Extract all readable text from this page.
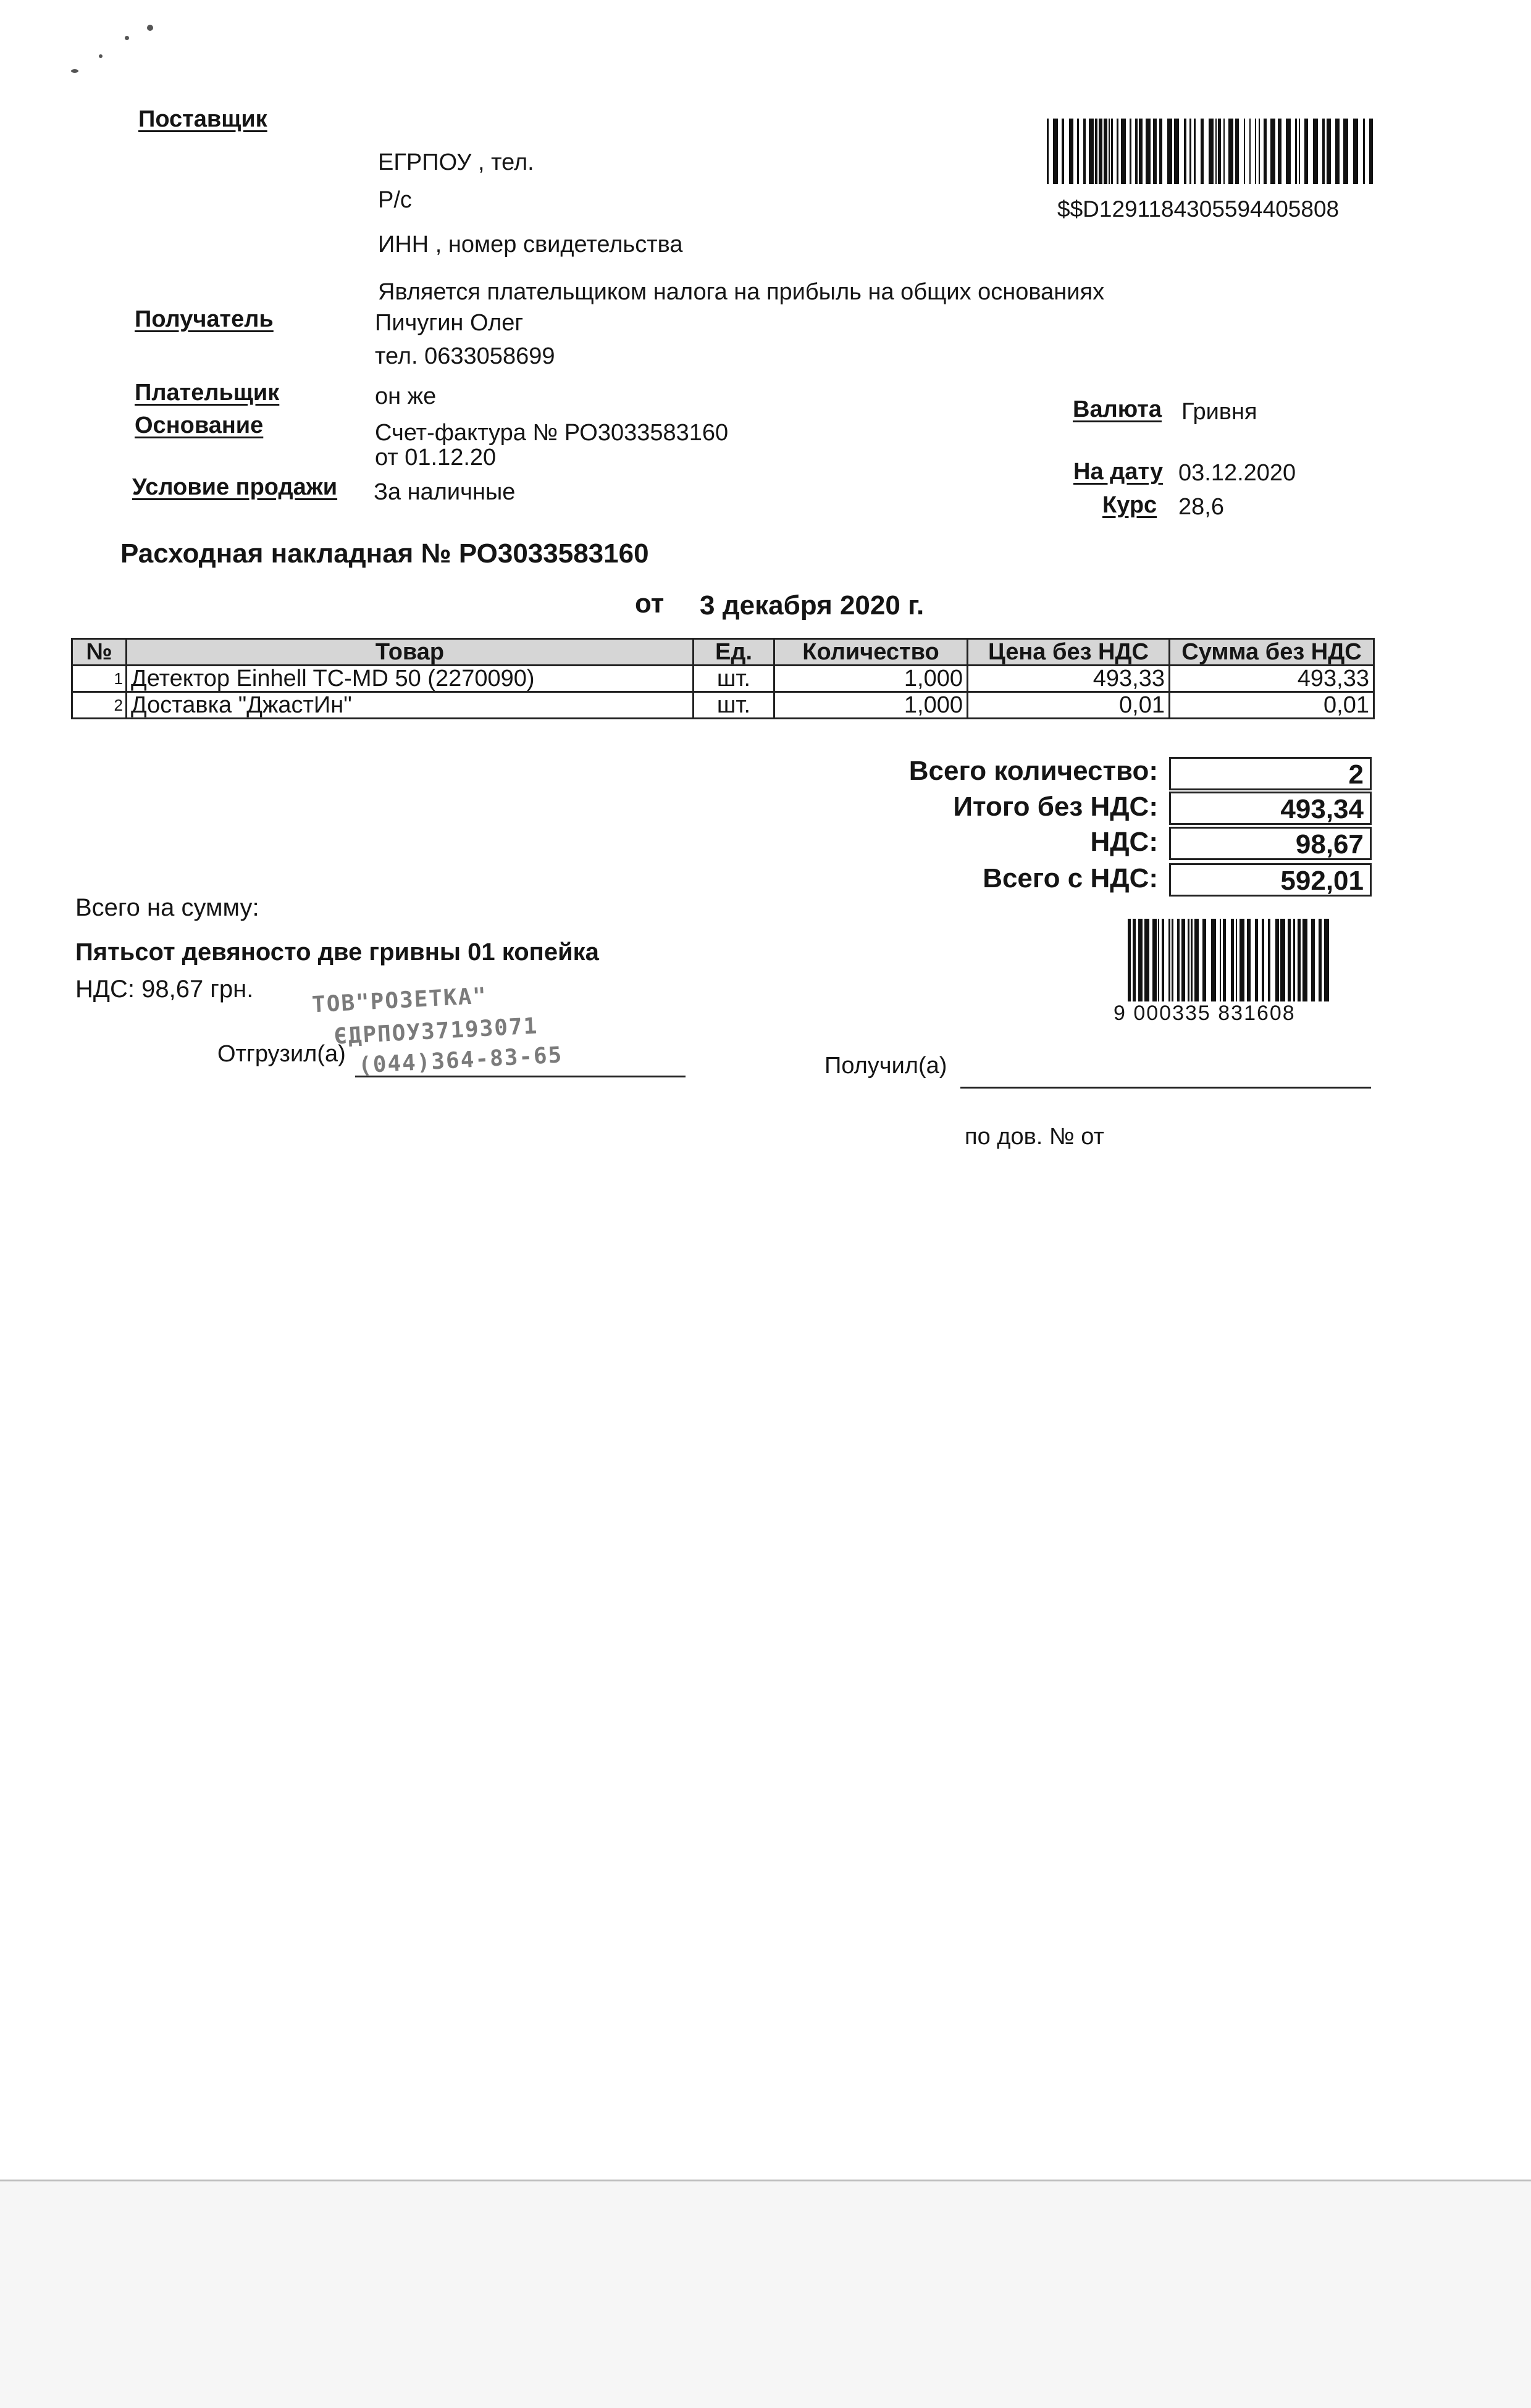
Поставщик
ЕГРПОУ , тел.
Р/с
ИНН , номер свидетельства
Является плательщиком налога на прибыль на общих основаниях
$$D1291184305594405808
Получатель	Пичугин Олег
тел. 0633058699
Плательщик	он же
Основание	Счет-фактура № РО3033583160
от 01.12.20
Условие продажи За наличные
Валюта Гривня
На дату 03.12.2020
Курс 28,6
Расходная накладная № РО3033583160
от 3 декабря 2020 г.
№	Товар	Ед.	Количество	Цена без НДС	Сумма без НДС
1	Детектор Einhell TC-MD 50 (2270090)	шт.	1,000	493,33	493,33
2	Доставка "ДжастИн"	шт.	1,000	0,01	0,01
Всего количество:	2
Итого без НДС:	493,34
НДС:	98,67
Всего с НДС:	592,01
Всего на сумму:
Пятьсот девяносто две гривны 01 копейка
НДС: 98,67 грн.
9 000335 831608
ТОВ"РОЗЕТКА"
ЄДРПОУ37193071
(044)364-83-65
Отгрузил(а)	Получил(а)
по дов. № от
